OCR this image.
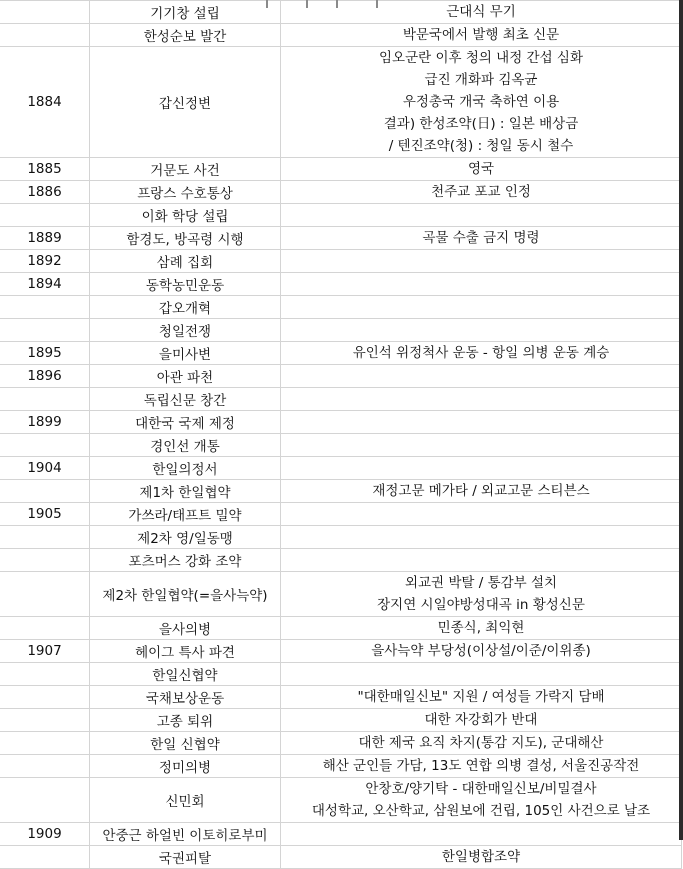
	기기창 설립	근대식 무기

	한성순보 발간	박문국에서 발행 최초 신문

1884	갑신정변	임오군란 이후 청의 내정 간섭 심화
급진 개화파 김옥균
우정총국 개국 축하연 이용
결과) 한성조약(日) : 일본 배상금
/ 텐진조약(청) : 청일 동시 철수

1885	거문도 사건	영국

1886	프랑스 수호통상	천주교 포교 인정

	이화 학당 설립	

1889	함경도, 방곡령 시행	곡물 수출 금지 명령

1892	삼례 집회	

1894	동학농민운동	

	갑오개혁	

	청일전쟁	

1895	을미사변	유인석 위정척사 운동 - 항일 의병 운동 계승

1896	아관 파천	

	독립신문 창간	

1899	대한국 국제 제정	

	경인선 개통	

1904	한일의정서	

	제1차 한일협약	재정고문 메가타 / 외교고문 스티븐스

1905	가쓰라/태프트 밀약	

	제2차 영/일동맹	

	포츠머스 강화 조약	

	제2차 한일협약(=을사늑약)	외교권 박탈 / 통감부 설치
장지연 시일야방성대곡 in 황성신문

	을사의병	민종식, 최익현

1907	헤이그 특사 파견	을사늑약 부당성(이상설/이준/이위종)

	한일신협약	

	국채보상운동	"대한매일신보" 지원 / 여성들 가락지 담배

	고종 퇴위	대한 자강회가 반대

	한일 신협약	대한 제국 요직 차지(통감 지도), 군대해산

	정미의병	해산 군인들 가담, 13도 연합 의병 결성, 서울진공작전

	신민회	안창호/양기탁 - 대한매일신보/비밀결사
대성학교, 오산학교, 삼원보에 건립, 105인 사건으로 날조

1909	안중근 하얼빈 이토히로부미	

	국권피탈	한일병합조약
